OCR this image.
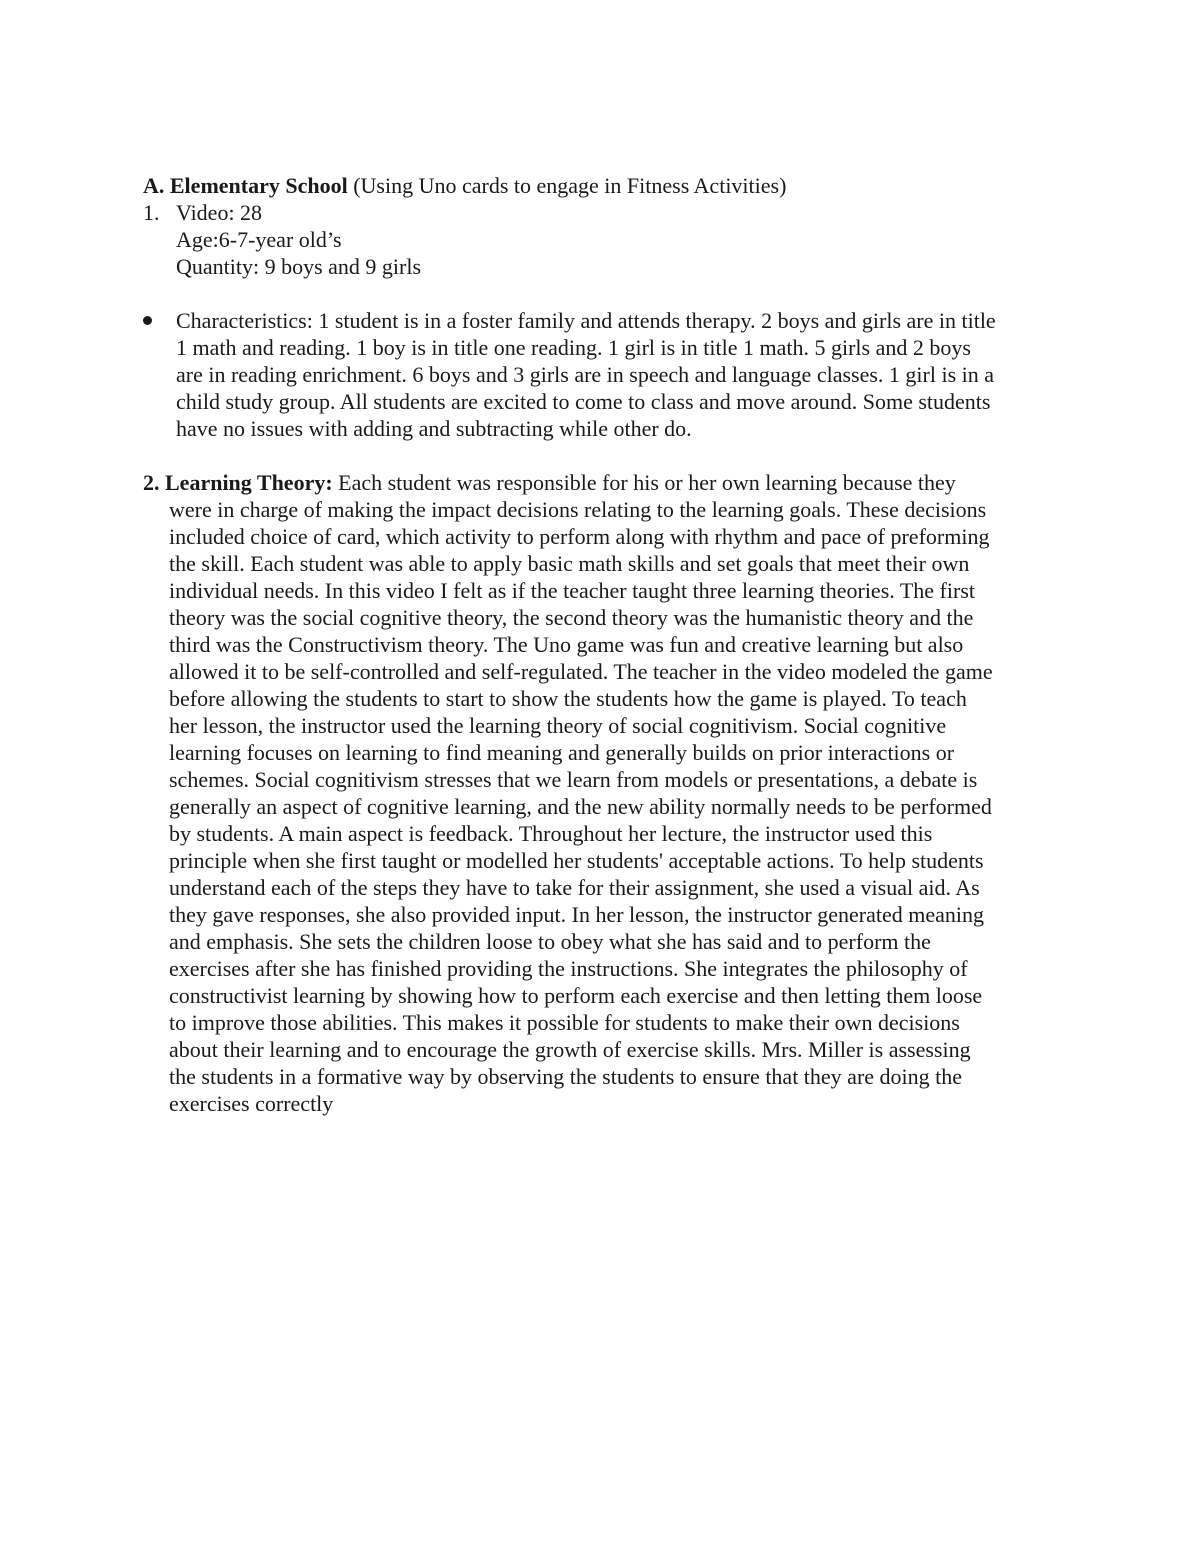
A. Elementary School (Using Uno cards to engage in Fitness Activities)
1. Video: 28
Age:6-7-year old’s
Quantity: 9 boys and 9 girls
Characteristics: 1 student is in a foster family and attends therapy. 2 boys and girls are in title
1 math and reading. 1 boy is in title one reading. 1 girl is in title 1 math. 5 girls and 2 boys
are in reading enrichment. 6 boys and 3 girls are in speech and language classes. 1 girl is in a
child study group. All students are excited to come to class and move around. Some students
have no issues with adding and subtracting while other do.
2. Learning Theory: Each student was responsible for his or her own learning because they
were in charge of making the impact decisions relating to the learning goals. These decisions
included choice of card, which activity to perform along with rhythm and pace of preforming
the skill. Each student was able to apply basic math skills and set goals that meet their own
individual needs. In this video I felt as if the teacher taught three learning theories. The first
theory was the social cognitive theory, the second theory was the humanistic theory and the
third was the Constructivism theory. The Uno game was fun and creative learning but also
allowed it to be self-controlled and self-regulated. The teacher in the video modeled the game
before allowing the students to start to show the students how the game is played. To teach
her lesson, the instructor used the learning theory of social cognitivism. Social cognitive
learning focuses on learning to find meaning and generally builds on prior interactions or
schemes. Social cognitivism stresses that we learn from models or presentations, a debate is
generally an aspect of cognitive learning, and the new ability normally needs to be performed
by students. A main aspect is feedback. Throughout her lecture, the instructor used this
principle when she first taught or modelled her students' acceptable actions. To help students
understand each of the steps they have to take for their assignment, she used a visual aid. As
they gave responses, she also provided input. In her lesson, the instructor generated meaning
and emphasis. She sets the children loose to obey what she has said and to perform the
exercises after she has finished providing the instructions. She integrates the philosophy of
constructivist learning by showing how to perform each exercise and then letting them loose
to improve those abilities. This makes it possible for students to make their own decisions
about their learning and to encourage the growth of exercise skills. Mrs. Miller is assessing
the students in a formative way by observing the students to ensure that they are doing the
exercises correctly
